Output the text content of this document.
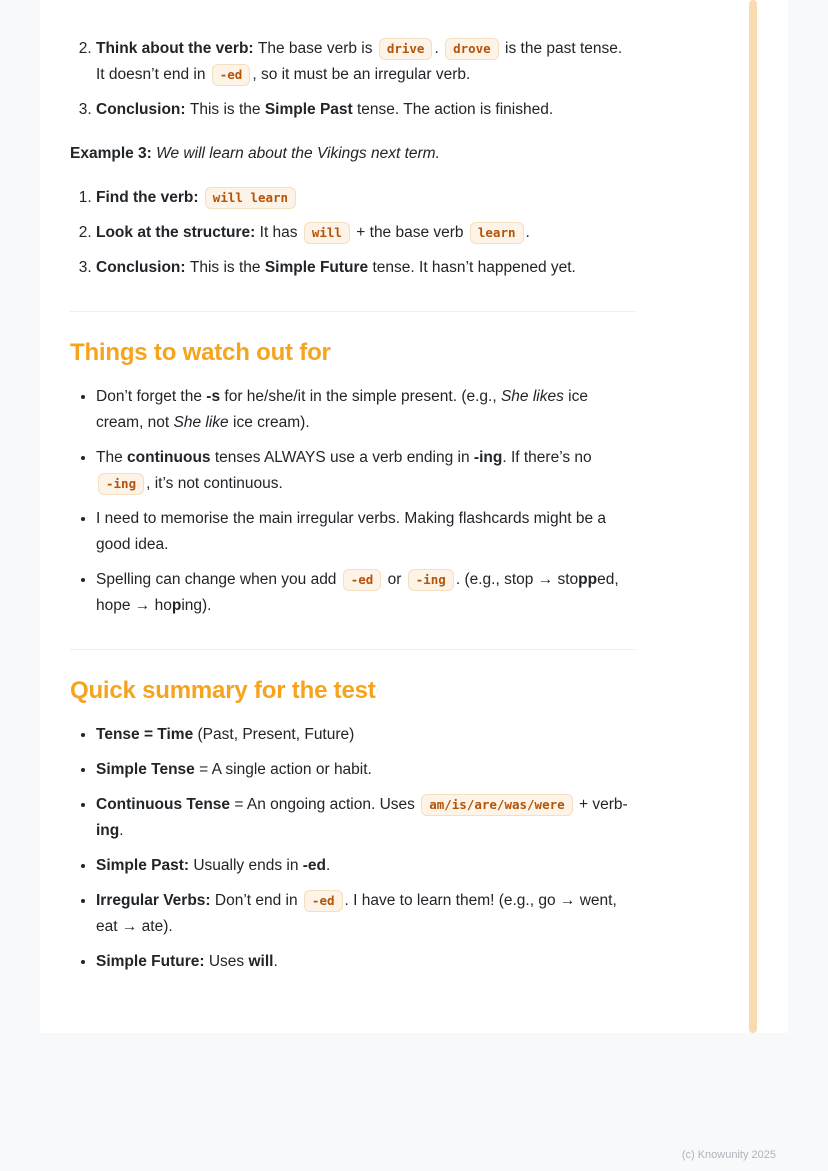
2. Think about the verb: The base verb is drive . drove is the past tense. It doesn’t end in -ed , so it must be an irregular verb.
3. Conclusion: This is the Simple Past tense. The action is finished.

Example 3: We will learn about the Vikings next term.

1. Find the verb: will learn
2. Look at the structure: It has will + the base verb learn .
3. Conclusion: This is the Simple Future tense. It hasn’t happened yet.
Things to watch out for
• Don’t forget the -s for he/she/it in the simple present. (e.g., She likes ice cream, not She like ice cream).
• The continuous tenses ALWAYS use a verb ending in -ing. If there’s no -ing , it’s not continuous.
• I need to memorise the main irregular verbs. Making flashcards might be a good idea.
• Spelling can change when you add -ed or -ing . (e.g., stop → stopped, hope → hoping).
Quick summary for the test
• Tense = Time (Past, Present, Future)
• Simple Tense = A single action or habit.
• Continuous Tense = An ongoing action. Uses am/is/are/was/were + verb-ing.
• Simple Past: Usually ends in -ed.
• Irregular Verbs: Don’t end in -ed . I have to learn them! (e.g., go → went, eat → ate).
• Simple Future: Uses will.
(c) Knowunity 2025
